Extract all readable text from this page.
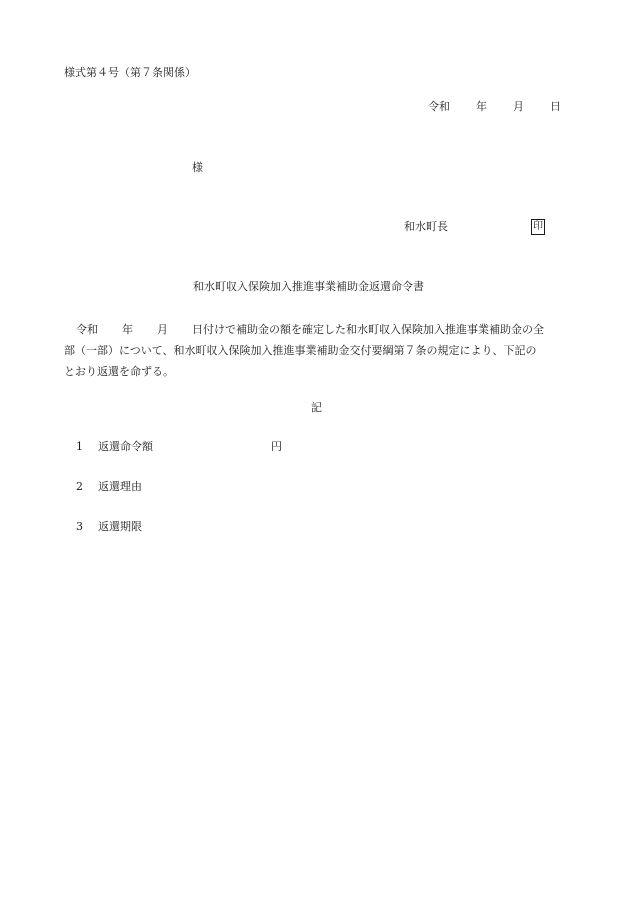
様式第４号（第７条関係）
令和 年 月 日
様
和水町長	印
和水町収入保険加入推進事業補助金返還命令書
令和 年 月 日付けで補助金の額を確定した和水町収入保険加入推進事業補助金の全
部（一部）について、和水町収入保険加入推進事業補助金交付要綱第７条の規定により、下記の
とおり返還を命ずる。
記
1 返還命令額	円
2 返還理由
3 返還期限
